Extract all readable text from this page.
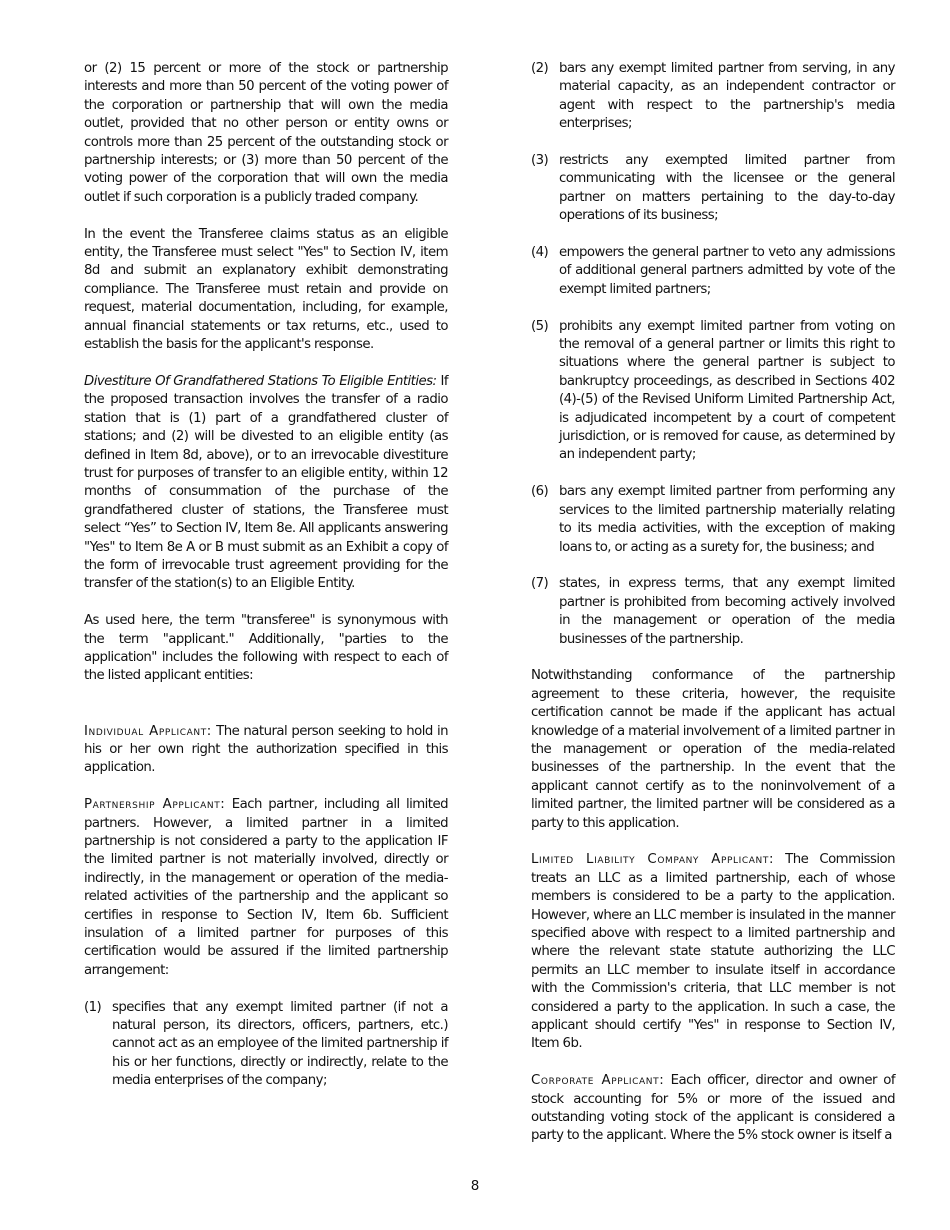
or (2) 15 percent or more of the stock or partnership interests and more than 50 percent of the voting power of the corporation or partnership that will own the media outlet, provided that no other person or entity owns or controls more than 25 percent of the outstanding stock or partnership interests; or (3) more than 50 percent of the voting power of the corporation that will own the media outlet if such corporation is a publicly traded company.

In the event the Transferee claims status as an eligible entity, the Transferee must select "Yes" to Section IV, item 8d and submit an explanatory exhibit demonstrating compliance. The Transferee must retain and provide on request, material documentation, including, for example, annual financial statements or tax returns, etc., used to establish the basis for the applicant's response.

Divestiture Of Grandfathered Stations To Eligible Entities: If the proposed transaction involves the transfer of a radio station that is (1) part of a grandfathered cluster of stations; and (2) will be divested to an eligible entity (as defined in Item 8d, above), or to an irrevocable divestiture trust for purposes of transfer to an eligible entity, within 12 months of consummation of the purchase of the grandfathered cluster of stations, the Transferee must select “Yes” to Section IV, Item 8e. All applicants answering "Yes" to Item 8e A or B must submit as an Exhibit a copy of the form of irrevocable trust agreement providing for the transfer of the station(s) to an Eligible Entity.

As used here, the term "transferee" is synonymous with the term "applicant." Additionally, "parties to the application" includes the following with respect to each of the listed applicant entities:

Individual Applicant: The natural person seeking to hold in his or her own right the authorization specified in this application.

Partnership Applicant: Each partner, including all limited partners. However, a limited partner in a limited partnership is not considered a party to the application IF the limited partner is not materially involved, directly or indirectly, in the management or operation of the media-related activities of the partnership and the applicant so certifies in response to Section IV, Item 6b. Sufficient insulation of a limited partner for purposes of this certification would be assured if the limited partnership arrangement:

(1) specifies that any exempt limited partner (if not a natural person, its directors, officers, partners, etc.) cannot act as an employee of the limited partnership if his or her functions, directly or indirectly, relate to the media enterprises of the company;
(2) bars any exempt limited partner from serving, in any material capacity, as an independent contractor or agent with respect to the partnership's media enterprises;
(3) restricts any exempted limited partner from communicating with the licensee or the general partner on matters pertaining to the day-to-day operations of its business;
(4) empowers the general partner to veto any admissions of additional general partners admitted by vote of the exempt limited partners;
(5) prohibits any exempt limited partner from voting on the removal of a general partner or limits this right to situations where the general partner is subject to bankruptcy proceedings, as described in Sections 402 (4)-(5) of the Revised Uniform Limited Partnership Act, is adjudicated incompetent by a court of competent jurisdiction, or is removed for cause, as determined by an independent party;
(6) bars any exempt limited partner from performing any services to the limited partnership materially relating to its media activities, with the exception of making loans to, or acting as a surety for, the business; and
(7) states, in express terms, that any exempt limited partner is prohibited from becoming actively involved in the management or operation of the media businesses of the partnership.

Notwithstanding conformance of the partnership agreement to these criteria, however, the requisite certification cannot be made if the applicant has actual knowledge of a material involvement of a limited partner in the management or operation of the media-related businesses of the partnership. In the event that the applicant cannot certify as to the noninvolvement of a limited partner, the limited partner will be considered as a party to this application.

Limited Liability Company Applicant: The Commission treats an LLC as a limited partnership, each of whose members is considered to be a party to the application. However, where an LLC member is insulated in the manner specified above with respect to a limited partnership and where the relevant state statute authorizing the LLC permits an LLC member to insulate itself in accordance with the Commission's criteria, that LLC member is not considered a party to the application. In such a case, the applicant should certify "Yes" in response to Section IV, Item 6b.

Corporate Applicant: Each officer, director and owner of stock accounting for 5% or more of the issued and outstanding voting stock of the applicant is considered a party to the applicant. Where the 5% stock owner is itself a

8
